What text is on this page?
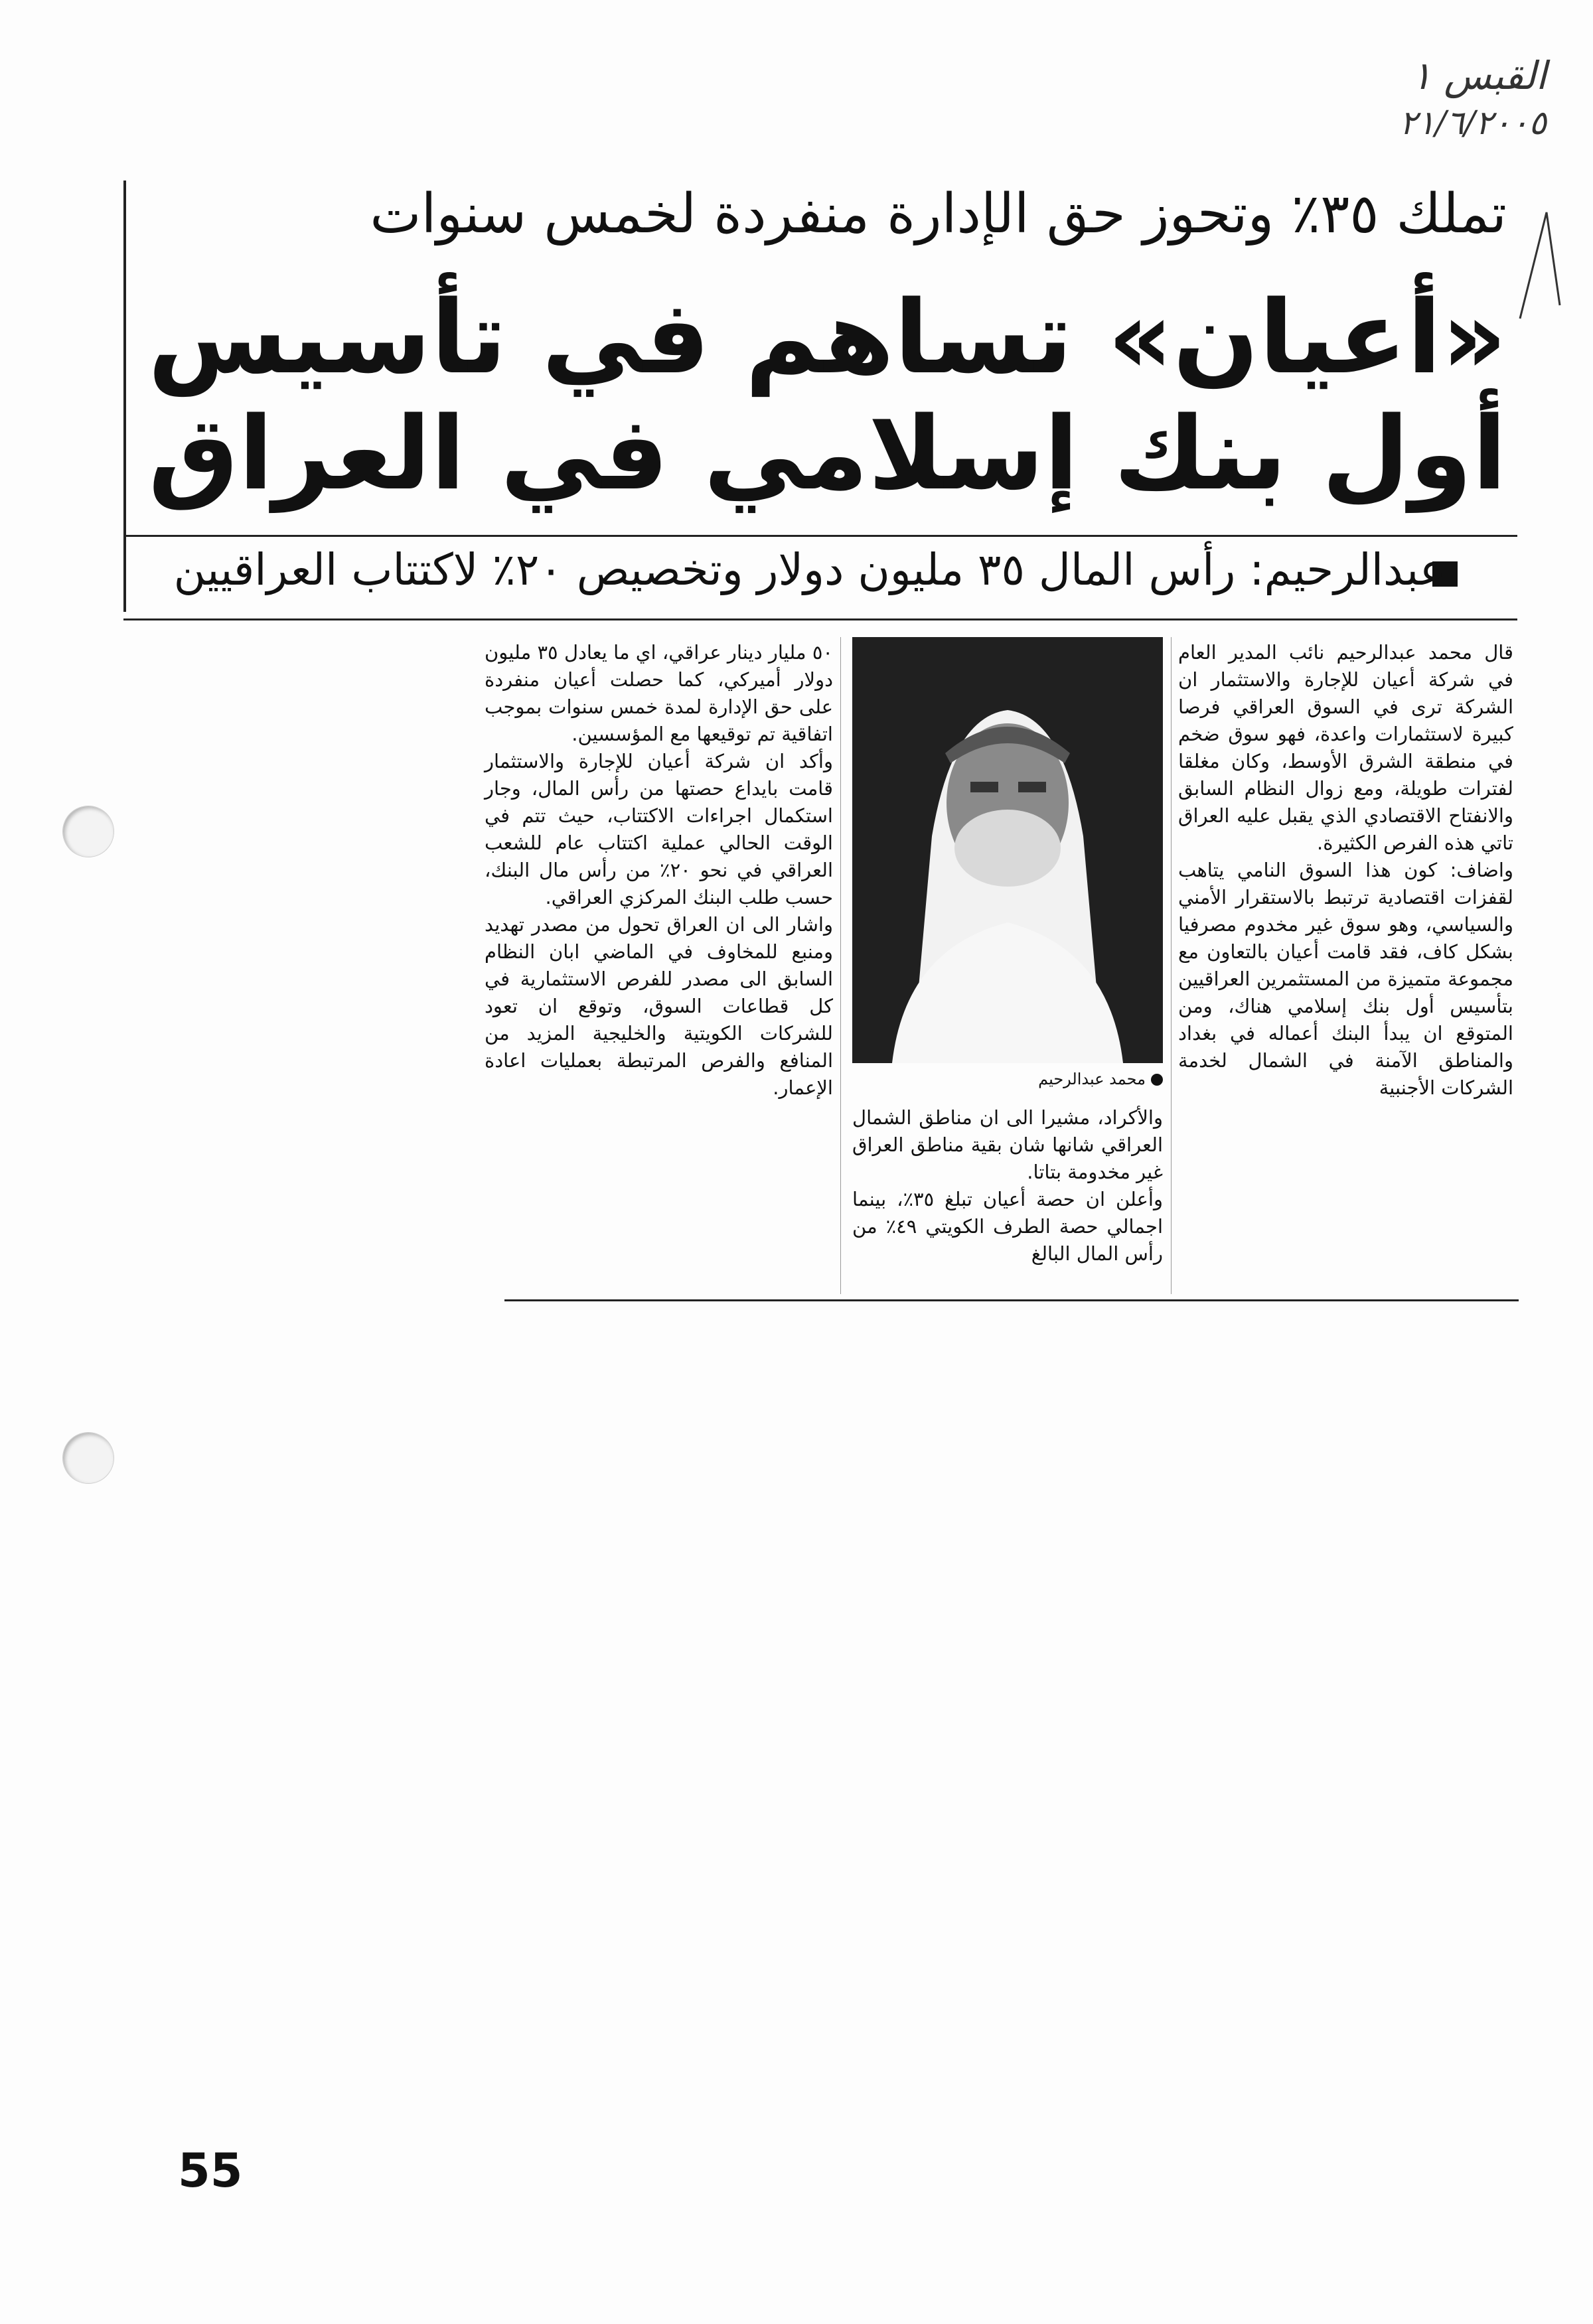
القبس ١
٢١/٦/٢٠٠٥
تملك ٣٥٪ وتحوز حق الإدارة منفردة لخمس سنوات
«أعيان» تساهم في تأسيس
أول بنك إسلامي في العراق
عبدالرحيم: رأس المال ٣٥ مليون دولار وتخصيص ٢٠٪ لاكتتاب العراقيين

قال محمد عبدالرحيم نائب المدير العام في شركة أعيان للإجارة والاستثمار ان الشركة ترى في السوق العراقي فرصا كبيرة لاستثمارات واعدة، فهو سوق ضخم في منطقة الشرق الأوسط، وكان مغلقا لفترات طويلة، ومع زوال النظام السابق والانفتاح الاقتصادي الذي يقبل عليه العراق تاتي هذه الفرص الكثيرة.

واضاف: كون هذا السوق النامي يتاهب لقفزات اقتصادية ترتبط بالاستقرار الأمني والسياسي، وهو سوق غير مخدوم مصرفيا بشكل كاف، فقد قامت أعيان بالتعاون مع مجموعة متميزة من المستثمرين العراقيين بتأسيس أول بنك إسلامي هناك، ومن المتوقع ان يبدأ البنك أعماله في بغداد والمناطق الآمنة في الشمال لخدمة الشركات الأجنبية

محمد عبدالرحيم

والأكراد، مشيرا الى ان مناطق الشمال العراقي شانها شان بقية مناطق العراق غير مخدومة بتاتا.

وأعلن ان حصة أعيان تبلغ ٣٥٪، بينما اجمالي حصة الطرف الكويتي ٤٩٪ من رأس المال البالغ

٥٠ مليار دينار عراقي، اي ما يعادل ٣٥ مليون دولار أميركي، كما حصلت أعيان منفردة على حق الإدارة لمدة خمس سنوات بموجب اتفاقية تم توقيعها مع المؤسسين.

وأكد ان شركة أعيان للإجارة والاستثمار قامت بايداع حصتها من رأس المال، وجار استكمال اجراءات الاكتتاب، حيث تتم في الوقت الحالي عملية اكتتاب عام للشعب العراقي في نحو ٢٠٪ من رأس مال البنك، حسب طلب البنك المركزي العراقي.

واشار الى ان العراق تحول من مصدر تهديد ومنبع للمخاوف في الماضي ابان النظام السابق الى مصدر للفرص الاستثمارية في كل قطاعات السوق، وتوقع ان تعود للشركات الكويتية والخليجية المزيد من المنافع والفرص المرتبطة بعمليات اعادة الإعمار.

55
